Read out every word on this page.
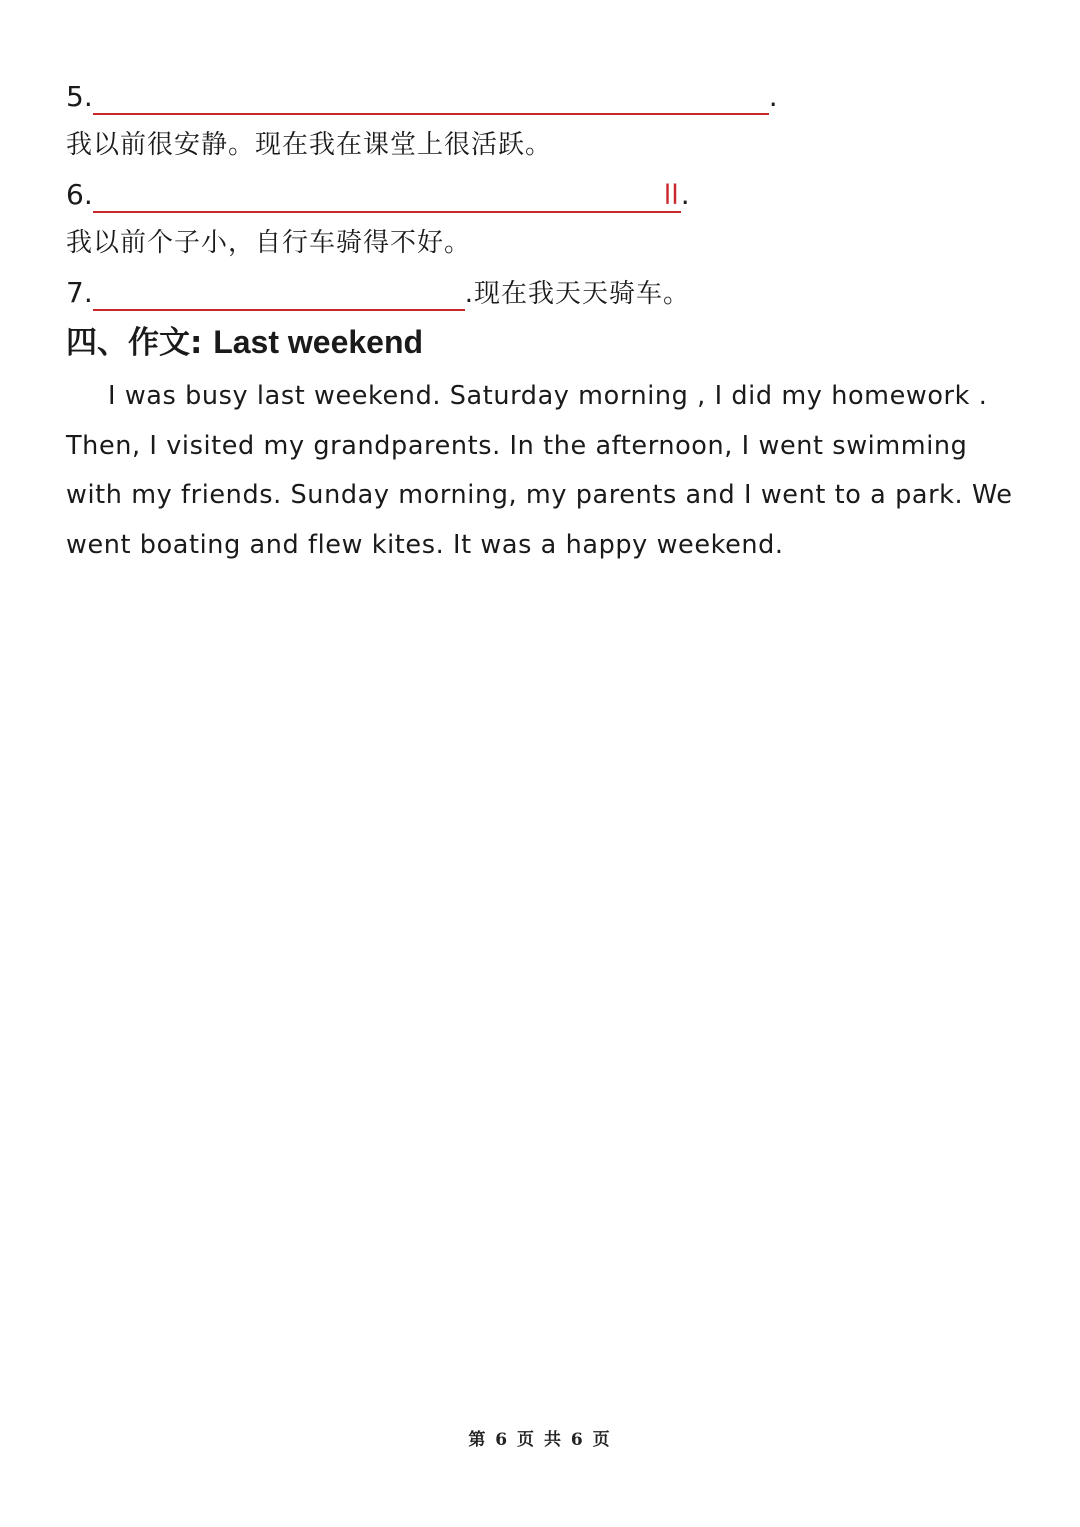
5.	.
我以前很安静。现在我在课堂上很活跃。
6.	ll .
我以前个子小，自行车骑得不好。
7.	.现在我天天骑车。
四、作文: Last weekend
I was busy last weekend. Saturday morning , I did my homework .
Then, I visited my grandparents. In the afternoon, I went swimming
with my friends. Sunday morning, my parents and I went to a park. We
went boating and flew kites. It was a happy weekend.
第 6 页 共 6 页
